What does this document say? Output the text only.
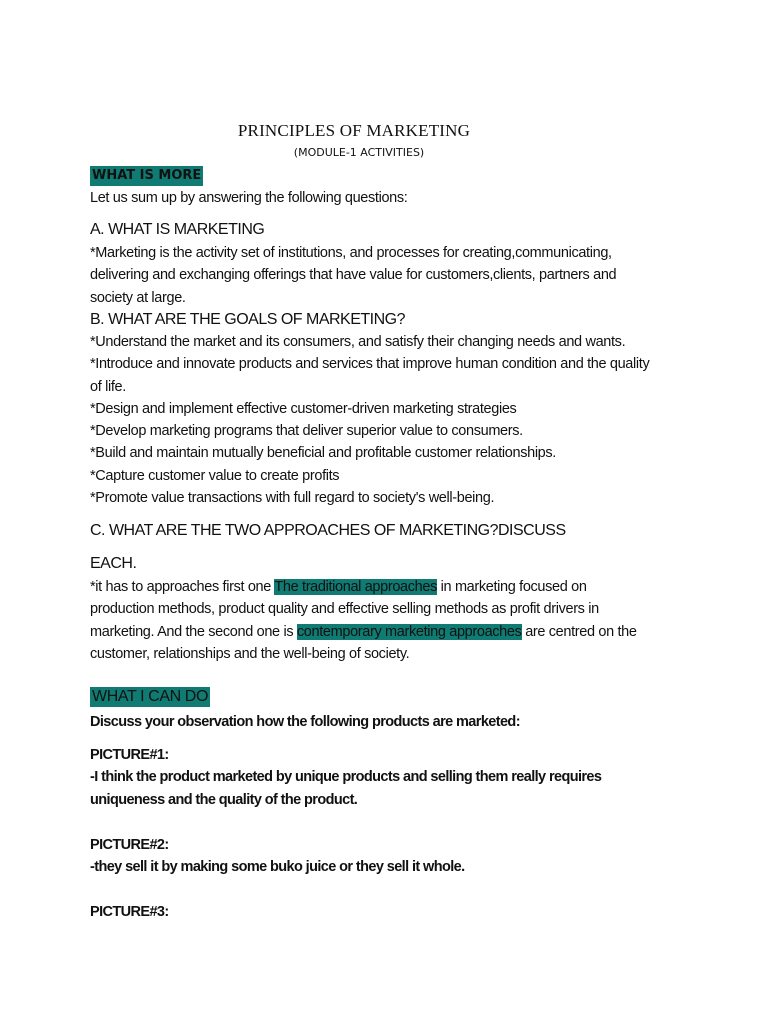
PRINCIPLES OF MARKETING
(MODULE-1 ACTIVITIES)
WHAT IS MORE
Let us sum up by answering the following questions:
A. WHAT IS MARKETING
*Marketing is the activity set of institutions, and processes for creating,communicating,
delivering and exchanging offerings that have value for customers,clients, partners and
society at large.
B. WHAT ARE THE GOALS OF MARKETING?
*Understand the market and its consumers, and satisfy their changing needs and wants.
*Introduce and innovate products and services that improve human condition and the quality
of life.
*Design and implement effective customer-driven marketing strategies
*Develop marketing programs that deliver superior value to consumers.
*Build and maintain mutually beneficial and profitable customer relationships.
*Capture customer value to create profits
*Promote value transactions with full regard to society's well-being.
C. WHAT ARE THE TWO APPROACHES OF MARKETING?DISCUSS
EACH.
*it has to approaches first one The traditional approaches in marketing focused on
production methods, product quality and effective selling methods as profit drivers in
marketing. And the second one is contemporary marketing approaches are centred on the
customer, relationships and the well-being of society.
WHAT I CAN DO
Discuss your observation how the following products are marketed:
PICTURE#1:
-I think the product marketed by unique products and selling them really requires
uniqueness and the quality of the product.
PICTURE#2:
-they sell it by making some buko juice or they sell it whole.
PICTURE#3:
